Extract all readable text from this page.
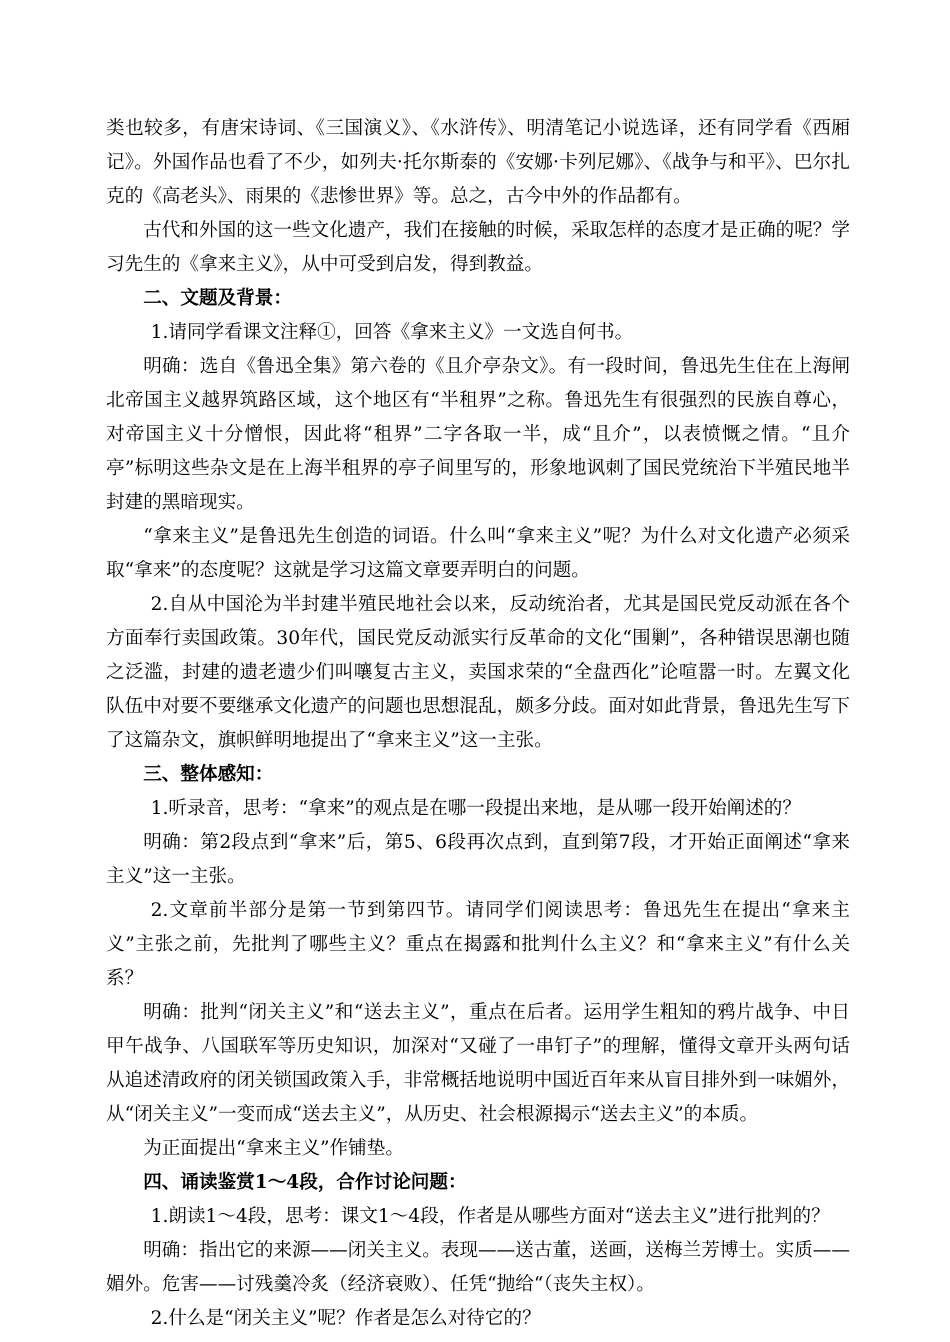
类也较多，有唐宋诗词、《三国演义》、《水浒传》、明清笔记小说选译，还有同学看《西厢记》。外国作品也看了不少，如列夫·托尔斯泰的《安娜·卡列尼娜》、《战争与和平》、巴尔扎克的《高老头》、雨果的《悲惨世界》等。总之，古今中外的作品都有。

古代和外国的这一些文化遗产，我们在接触的时候，采取怎样的态度才是正确的呢？学习先生的《拿来主义》，从中可受到启发，得到教益。

二、文题及背景：

1.请同学看课文注释①，回答《拿来主义》一文选自何书。

明确：选自《鲁迅全集》第六卷的《且介亭杂文》。有一段时间，鲁迅先生住在上海闸北帝国主义越界筑路区域，这个地区有“半租界”之称。鲁迅先生有很强烈的民族自尊心，对帝国主义十分憎恨，因此将“租界”二字各取一半，成“且介”，以表愤慨之情。“且介亭”标明这些杂文是在上海半租界的亭子间里写的，形象地讽刺了国民党统治下半殖民地半封建的黑暗现实。

“拿来主义”是鲁迅先生创造的词语。什么叫“拿来主义”呢？为什么对文化遗产必须采取“拿来”的态度呢？这就是学习这篇文章要弄明白的问题。

2.自从中国沦为半封建半殖民地社会以来，反动统治者，尤其是国民党反动派在各个方面奉行卖国政策。30年代，国民党反动派实行反革命的文化“围剿”，各种错误思潮也随之泛滥，封建的遗老遗少们叫嚷复古主义，卖国求荣的“全盘西化”论喧嚣一时。左翼文化队伍中对要不要继承文化遗产的问题也思想混乱，颇多分歧。面对如此背景，鲁迅先生写下了这篇杂文，旗帜鲜明地提出了“拿来主义”这一主张。

三、整体感知：

1.听录音，思考：“拿来”的观点是在哪一段提出来地，是从哪一段开始阐述的？

明确：第2段点到“拿来”后，第5、6段再次点到，直到第7段，才开始正面阐述“拿来主义”这一主张。

2.文章前半部分是第一节到第四节。请同学们阅读思考：鲁迅先生在提出“拿来主义”主张之前，先批判了哪些主义？重点在揭露和批判什么主义？和“拿来主义”有什么关系？

明确：批判“闭关主义”和“送去主义”，重点在后者。运用学生粗知的鸦片战争、中日甲午战争、八国联军等历史知识，加深对“又碰了一串钉子”的理解，懂得文章开头两句话从追述清政府的闭关锁国政策入手，非常概括地说明中国近百年来从盲目排外到一味媚外，从“闭关主义”一变而成“送去主义”，从历史、社会根源揭示“送去主义”的本质。

为正面提出“拿来主义”作铺垫。

四、诵读鉴赏1～4段，合作讨论问题：

1.朗读1～4段，思考：课文1～4段，作者是从哪些方面对“送去主义”进行批判的？

明确：指出它的来源——闭关主义。表现——送古董，送画，送梅兰芳博士。实质——媚外。危害——讨残羹冷炙（经济衰败）、任凭“抛给“（丧失主权）。

2.什么是“闭关主义”呢？作者是怎么对待它的？
